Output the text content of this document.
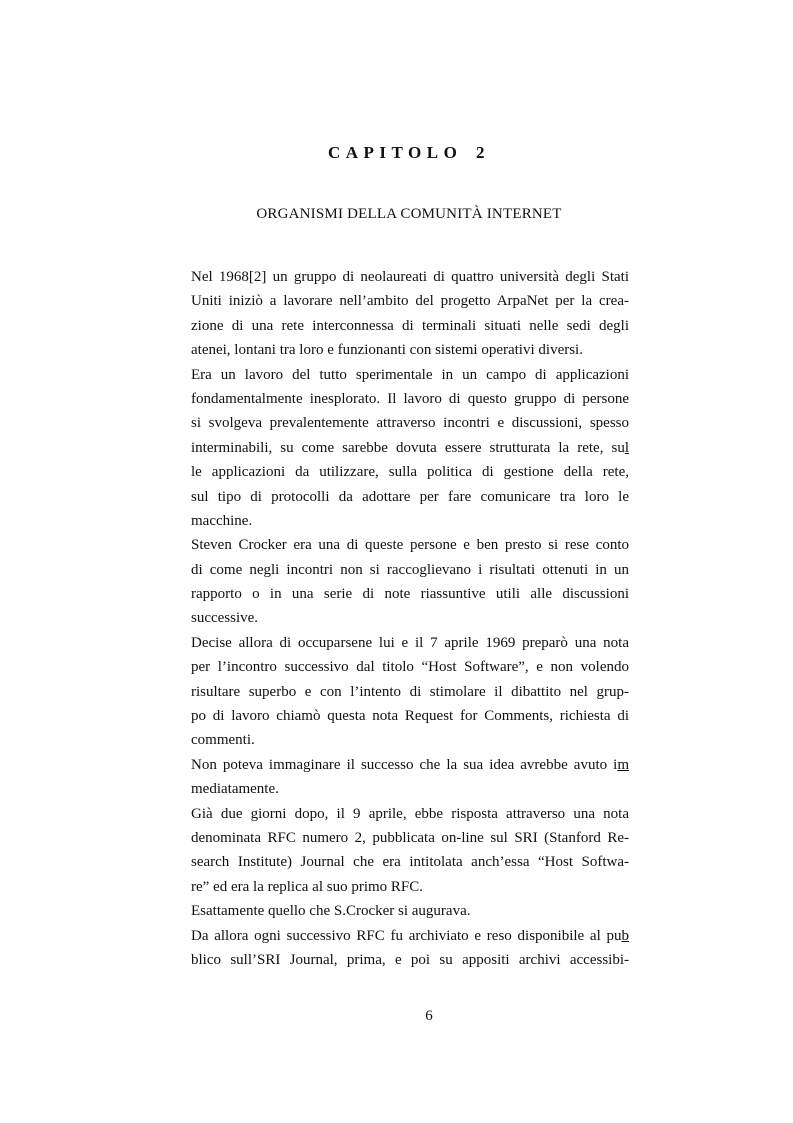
CAPITOLO 2
ORGANISMI DELLA COMUNITÀ INTERNET
Nel 1968[2] un gruppo di neolaureati di quattro università degli Stati
Uniti iniziò a lavorare nell’ambito del progetto ArpaNet per la crea-
zione di una rete interconnessa di terminali situati nelle sedi degli
atenei, lontani tra loro e funzionanti con sistemi operativi diversi.
Era un lavoro del tutto sperimentale in un campo di applicazioni
fondamentalmente inesplorato. Il lavoro di questo gruppo di persone
si svolgeva prevalentemente attraverso incontri e discussioni, spesso
interminabili, su come sarebbe dovuta essere strutturata la rete, sul
le applicazioni da utilizzare, sulla politica di gestione della rete,
sul tipo di protocolli da adottare per fare comunicare tra loro le
macchine.
Steven Crocker era una di queste persone e ben presto si rese conto
di come negli incontri non si raccoglievano i risultati ottenuti in un
rapporto o in una serie di note riassuntive utili alle discussioni
successive.
Decise allora di occuparsene lui e il 7 aprile 1969 preparò una nota
per l’incontro successivo dal titolo “Host Software”, e non volendo
risultare superbo e con l’intento di stimolare il dibattito nel grup-
po di lavoro chiamò questa nota Request for Comments, richiesta di
commenti.
Non poteva immaginare il successo che la sua idea avrebbe avuto im
mediatamente.
Già due giorni dopo, il 9 aprile, ebbe risposta attraverso una nota
denominata RFC numero 2, pubblicata on-line sul SRI (Stanford Re-
search Institute) Journal che era intitolata anch’essa “Host Softwa-
re” ed era la replica al suo primo RFC.
Esattamente quello che S.Crocker si augurava.
Da allora ogni successivo RFC fu archiviato e reso disponibile al pub
blico sull’SRI Journal, prima, e poi su appositi archivi accessibi-
6
